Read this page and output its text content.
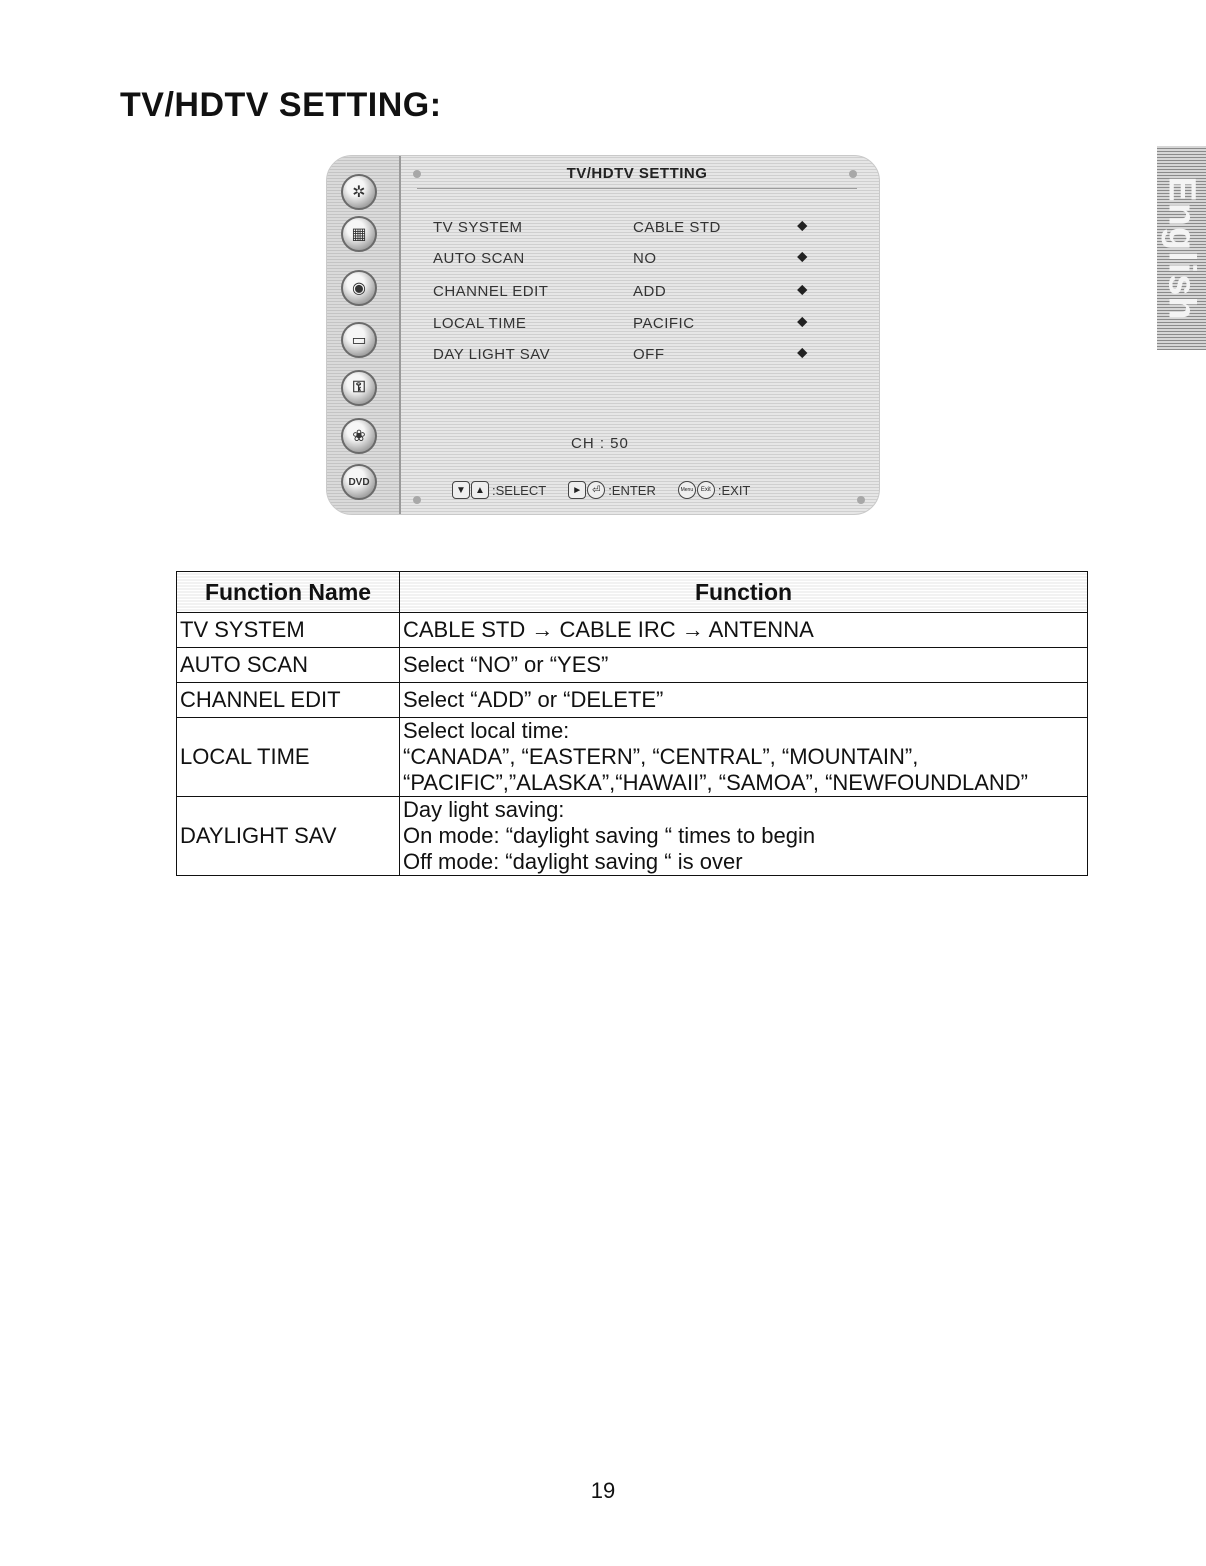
TV/HDTV SETTING:
English
✲
▦
◉
▭
⚿
❀
DVD
TV/HDTV SETTING
TV SYSTEM	CABLE STD	⬥
AUTO SCAN	NO	⬥
CHANNEL EDIT	ADD	⬥
LOCAL TIME	PACIFIC	⬥
DAY LIGHT SAV	OFF	⬥
CH : 50
▼ ▲ :SELECT	► ⏎ :ENTER	Menu	Exit :EXIT
Function Name	Function
TV SYSTEM	CABLE STD → CABLE IRC → ANTENNA
AUTO SCAN	Select “NO” or “YES”
CHANNEL EDIT	Select “ADD” or “DELETE”
LOCAL TIME	Select local time:
“CANADA”, “EASTERN”, “CENTRAL”, “MOUNTAIN”,
“PACIFIC”,”ALASKA”,“HAWAII”, “SAMOA”, “NEWFOUNDLAND”

DAYLIGHT SAV	Day light saving:
On mode: “daylight saving “ times to begin
Off mode: “daylight saving “ is over
19
